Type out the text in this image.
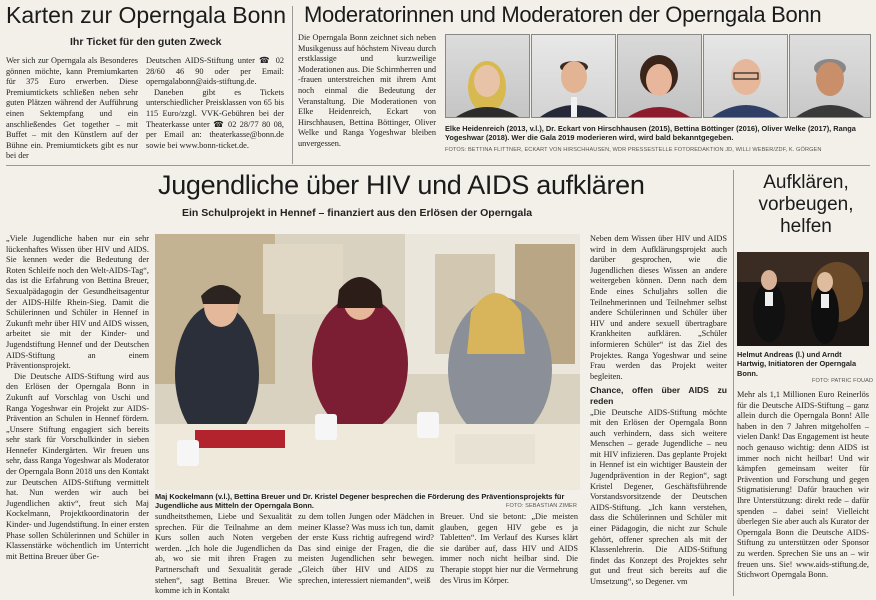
Karten zur Operngala Bonn
Ihr Ticket für den guten Zweck
Wer sich zur Operngala als Besonderes gönnen möchte, kann Premiumkarten für 375 Euro erwerben. Diese Premiumtickets schließen neben sehr guten Plätzen während der Aufführung einen Sektempfang und ein anschließendes Get together – mit Buffet – mit den Künstlern auf der Bühne ein. Premiumtickets gibt es nur bei der

Deutschen AIDS-Stiftung unter ☎ 02 28/60 46 90 oder per Email: operngalabonn@aids-stiftung.de.

Daneben gibt es Tickets unterschiedlicher Preisklassen von 65 bis 115 Euro/zzgl. VVK-Gebühren bei der Theaterkasse unter ☎ 02 28/77 80 08, per Email an: theaterkasse@bonn.de sowie bei www.bonn-ticket.de.

Moderatorinnen und Moderatoren der Operngala Bonn
Die Operngala Bonn zeichnet sich neben Musikgenuss auf höchstem Niveau durch erstklassige und kurzweilige Moderationen aus. Die Schirmherren und -frauen unterstreichen mit ihrem Amt noch einmal die Bedeutung der Veranstaltung. Die Moderationen von Elke Heidenreich, Eckart von Hirschhausen, Bettina Böttinger, Oliver Welke und Ranga Yogeshwar bleiben unvergessen.
Elke Heidenreich (2013, v.l.), Dr. Eckart von Hirschhausen (2015), Bettina Böttinger (2016), Oliver Welke (2017), Ranga Yogeshwar (2018). Wer die Gala 2019 moderieren wird, wird bald bekanntgegeben.
FOTOS: BETTINA FLITTNER, ECKART VON HIRSCHHAUSEN, WDR PRESSESTELLE FOTOREDAKTION JD, WILLI WEBER/ZDF, K. GÖRGEN
Jugendliche über HIV und AIDS aufklären
Ein Schulprojekt in Hennef – finanziert aus den Erlösen der Operngala

„Viele Jugendliche haben nur ein sehr lückenhaftes Wissen über HIV und AIDS. Sie kennen weder die Bedeutung der Roten Schleife noch den Welt-AIDS-Tag“, das ist die Erfahrung von Bettina Breuer, Sexualpädagogin der Gesundheitsagentur der AIDS-Hilfe Rhein-Sieg. Damit die Schülerinnen und Schüler in Hennef in Zukunft mehr über HIV und AIDS wissen, arbeitet sie mit der Kinder- und Jugendstiftung Hennef und der Deutschen AIDS-Stiftung an einem Präventionsprojekt.

Die Deutsche AIDS-Stiftung wird aus den Erlösen der Operngala Bonn in Zukunft auf Vorschlag von Uschi und Ranga Yogeshwar ein Projekt zur AIDS-Prävention an Schulen in Hennef fördern. „Unsere Stiftung engagiert sich bereits sehr stark für Vorschulkinder in sieben Hennefer Kindergärten. Wir freuen uns sehr, dass Ranga Yogeshwar als Moderator der Operngala Bonn 2018 uns den Kontakt zur Deutschen AIDS-Stiftung vermittelt hat. Nun werden wir auch bei Jugendlichen aktiv“, freut sich Maj Kockelmann, Projektkoordinatorin der Kinder- und Jugendstiftung. In einer ersten Phase sollen Schülerinnen und Schüler in Klassenstärke wöchentlich im Unterricht mit Bettina Breuer über Ge-

Maj Kockelmann (v.l.), Bettina Breuer und Dr. Kristel Degener besprechen die Förderung des Präventionsprojekts für Jugendliche aus Mitteln der Operngala Bonn.	FOTO: SEBASTIAN ZIMER
sundheitsthemen, Liebe und Sexualität sprechen. Für die Teilnahme an dem Kurs sollen auch Noten vergeben werden. „Ich hole die Jugendlichen da ab, wo sie mit ihren Fragen zu Partnerschaft und Sexualität gerade stehen“, sagt Bettina Breuer. Wie komme ich in Kontakt
zu dem tollen Jungen oder Mädchen in meiner Klasse? Was muss ich tun, damit der erste Kuss richtig aufregend wird? Das sind einige der Fragen, die die meisten Jugendlichen sehr bewegen. „Gleich über HIV und AIDS zu sprechen, interessiert niemanden“, weiß
Breuer. Und sie betont: „Die meisten glauben, gegen HIV gebe es ja Tabletten“. Im Verlauf des Kurses klärt sie darüber auf, dass HIV und AIDS immer noch nicht heilbar sind. Die Therapie stoppt hier nur die Vermehrung des Virus im Körper.

Neben dem Wissen über HIV und AIDS wird in dem Aufklärungsprojekt auch darüber gesprochen, wie die Jugendlichen dieses Wissen an andere weitergeben können. Denn nach dem Ende eines Schuljahrs sollen die Teilnehmerinnen und Teilnehmer selbst andere Schülerinnen und Schüler über HIV und andere sexuell übertragbare Krankheiten aufklären. „Schüler informieren Schüler“ ist das Ziel des Projektes. Ranga Yogeshwar und seine Frau werden das Projekt weiter begleiten.

Chance, offen über AIDS zu reden

„Die Deutsche AIDS-Stiftung möchte mit den Erlösen der Operngala Bonn auch verhindern, dass sich weitere Menschen – gerade Jugendliche – neu mit HIV infizieren. Das geplante Projekt in Hennef ist ein wichtiger Baustein der Jugendprävention in der Region“, sagt Kristel Degener, Geschäftsführende Vorstandsvorsitzende der Deutschen AIDS-Stiftung. „Ich kann verstehen, dass die Schülerinnen und Schüler mit einer Pädagogin, die nicht zur Schule gehört, offener sprechen als mit der Klassenlehrerin. Die AIDS-Stiftung findet das Konzept des Projektes sehr gut und freut sich bereits auf die Umsetzung“, so Degener. vm

Aufklären, vorbeugen, helfen
Helmut Andreas (l.) und Arndt Hartwig, Initiatoren der Operngala Bonn.
FOTO: PATRIC FOUAD
Mehr als 1,1 Millionen Euro Reinerlös für die Deutsche AIDS-Stiftung – ganz allein durch die Operngala Bonn! Alle haben in den 7 Jahren mitgeholfen – vielen Dank! Das Engagement ist heute noch genauso wichtig: denn AIDS ist immer noch nicht heilbar! Und wir kämpfen gemeinsam weiter für Prävention und Forschung und gegen Stigmatisierung! Dafür brauchen wir Ihre Unterstützung: direkt rede – dafür spenden – dabei sein! Vielleicht überlegen Sie aber auch als Kurator der Operngala Bonn die Deutsche AIDS-Stiftung zu unterstützen oder Sponsor zu werden. Sprechen Sie uns an – wir freuen uns. Sie! www.aids-stiftung.de, Stichwort Operngala Bonn.
